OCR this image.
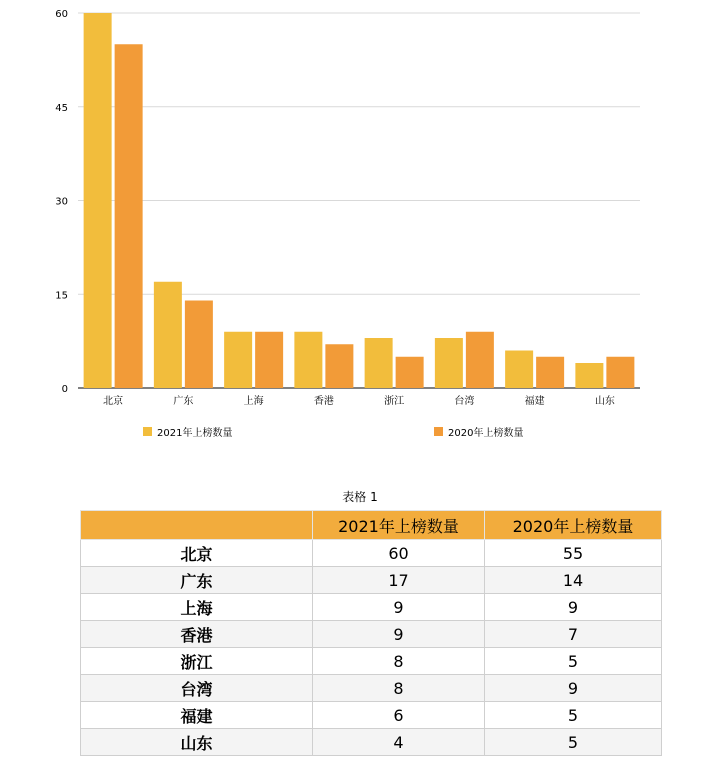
0
15
30
45
60
北京	广东	上海	香港	浙江	台湾	福建	山东
2021年上榜数量	2020年上榜数量
表格 1
	2021年上榜数量	2020年上榜数量
北京	60	55
广东	17	14
上海	9	9
香港	9	7
浙江	8	5
台湾	8	9
福建	6	5
山东	4	5
